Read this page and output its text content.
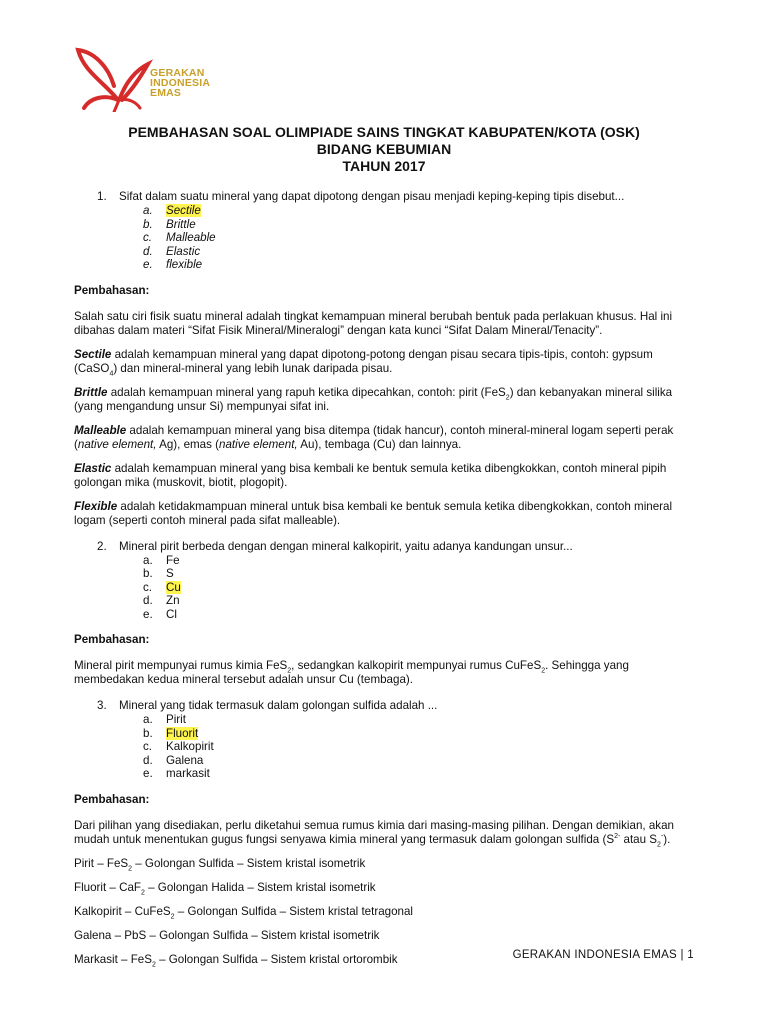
GERAKAN
INDONESIA
EMAS
PEMBAHASAN SOAL OLIMPIADE SAINS TINGKAT KABUPATEN/KOTA (OSK)
BIDANG KEBUMIAN
TAHUN 2017
1. Sifat dalam suatu mineral yang dapat dipotong dengan pisau menjadi keping-keping tipis disebut...
a. Sectile
b. Brittle
c. Malleable
d. Elastic
e. flexible

Pembahasan:

Salah satu ciri fisik suatu mineral adalah tingkat kemampuan mineral berubah bentuk pada perlakuan khusus. Hal ini
dibahas dalam materi “Sifat Fisik Mineral/Mineralogi” dengan kata kunci “Sifat Dalam Mineral/Tenacity”.

Sectile adalah kemampuan mineral yang dapat dipotong-potong dengan pisau secara tipis-tipis, contoh: gypsum
(CaSO$_4$) dan mineral-mineral yang lebih lunak daripada pisau.

Brittle adalah kemampuan mineral yang rapuh ketika dipecahkan, contoh: pirit (FeS$_2$) dan kebanyakan mineral silika
(yang mengandung unsur Si) mempunyai sifat ini.

Malleable adalah kemampuan mineral yang bisa ditempa (tidak hancur), contoh mineral-mineral logam seperti perak
(native element, Ag), emas (native element, Au), tembaga (Cu) dan lainnya.

Elastic adalah kemampuan mineral yang bisa kembali ke bentuk semula ketika dibengkokkan, contoh mineral pipih
golongan mika (muskovit, biotit, plogopit).

Flexible adalah ketidakmampuan mineral untuk bisa kembali ke bentuk semula ketika dibengkokkan, contoh mineral
logam (seperti contoh mineral pada sifat malleable).

2. Mineral pirit berbeda dengan dengan mineral kalkopirit, yaitu adanya kandungan unsur...
a. Fe
b. S
c. Cu
d. Zn
e. Cl

Pembahasan:

Mineral pirit mempunyai rumus kimia FeS$_2$, sedangkan kalkopirit mempunyai rumus CuFeS$_2$. Sehingga yang
membedakan kedua mineral tersebut adalah unsur Cu (tembaga).

3. Mineral yang tidak termasuk dalam golongan sulfida adalah ...
a. Pirit
b. Fluorit
c. Kalkopirit
d. Galena
e. markasit

Pembahasan:

Dari pilihan yang disediakan, perlu diketahui semua rumus kimia dari masing-masing pilihan. Dengan demikian, akan
mudah untuk menentukan gugus fungsi senyawa kimia mineral yang termasuk dalam golongan sulfida ($S^{2-}$ atau $S_2^-$).

Pirit – FeS$_2$ – Golongan Sulfida – Sistem kristal isometrik

Fluorit – CaF$_2$ – Golongan Halida – Sistem kristal isometrik

Kalkopirit – CuFeS$_2$ – Golongan Sulfida – Sistem kristal tetragonal

Galena – PbS – Golongan Sulfida – Sistem kristal isometrik

Markasit – FeS$_2$ – Golongan Sulfida – Sistem kristal ortorombik	GERAKAN INDONESIA EMAS | 1
